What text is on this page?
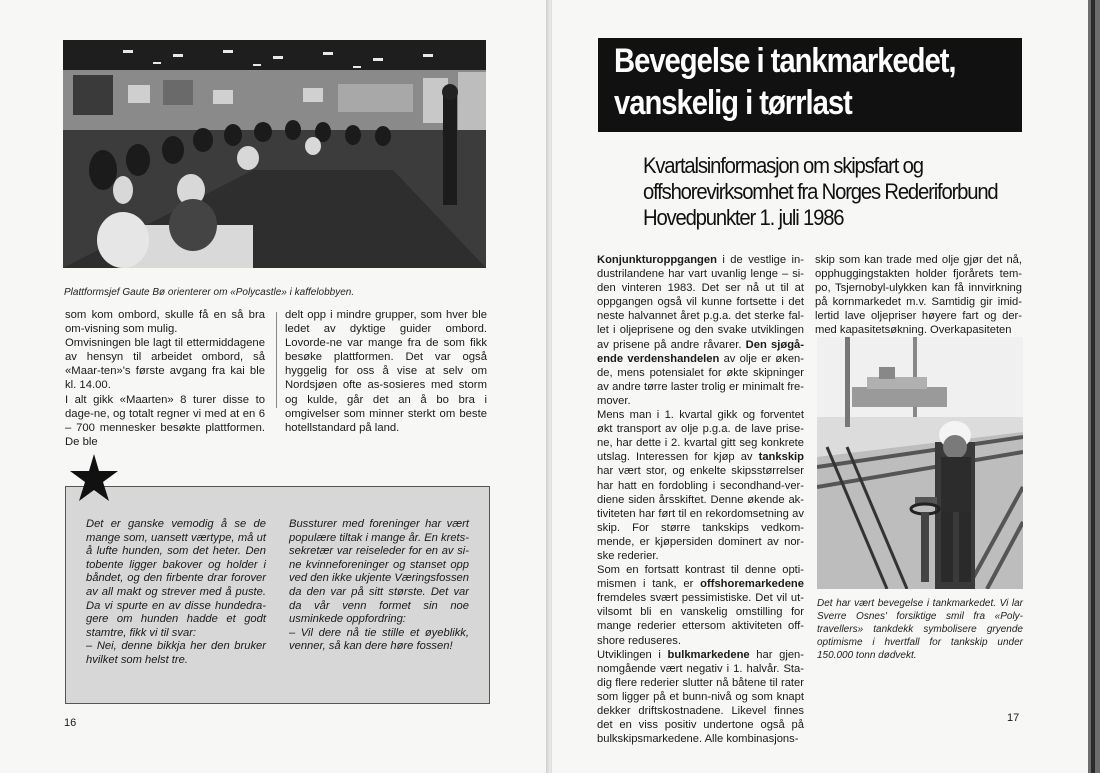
Plattformsjef Gaute Bø orienterer om «Polycastle» i kaffelobbyen.

som kom ombord, skulle få en så bra om-visning som mulig.

Omvisningen ble lagt til ettermiddagene av hensyn til arbeidet ombord, så «Maar-ten»'s første avgang fra kai ble kl. 14.00.

I alt gikk «Maarten» 8 turer disse to dage-ne, og totalt regner vi med at en 6 – 700 mennesker besøkte plattformen. De ble

delt opp i mindre grupper, som hver ble ledet av dyktige guider ombord. Lovorde-ne var mange fra de som fikk besøke plattformen. Det var også hyggelig for oss å vise at selv om Nordsjøen ofte as-sosieres med storm og kulde, går det an å bo bra i omgivelser som minner sterkt om beste hotellstandard på land.

Det er ganske vemodig å se de mange som, uansett værtype, må ut å lufte hunden, som det heter. Den tobente ligger bakover og holder i båndet, og den firbente drar forover av all makt og strever med å puste. Da vi spurte en av disse hundedra-gere om hunden hadde et godt stamtre, fikk vi til svar:
– Nei, denne bikkja her den bruker hvilket som helst tre.
Bussturer med foreninger har vært populære tiltak i mange år. En krets-sekretær var reiseleder for en av si-ne kvinneforeninger og stanset opp ved den ikke ukjente Væringsfossen da den var på sitt største. Det var da vår venn formet sin noe usminkede oppfordring:
– Vil dere nå tie stille et øyeblikk, venner, så kan dere høre fossen!
16
Bevegelse i tankmarkedet,
vanskelig i tørrlast
Kvartalsinformasjon om skipsfart og
offshorevirksomhet fra Norges Rederiforbund
Hovedpunkter 1. juli 1986

Konjunkturoppgangen i de vestlige in-dustrilandene har vart uvanlig lenge – si-den vinteren 1983. Det ser nå ut til at oppgangen også vil kunne fortsette i det neste halvannet året p.g.a. det sterke fal-let i oljeprisene og den svake utviklingen av prisene på andre råvarer. Den sjøgå-ende verdenshandelen av olje er øken-de, mens potensialet for økte skipninger av andre tørre laster trolig er minimalt fre-mover.

Mens man i 1. kvartal gikk og forventet økt transport av olje p.g.a. de lave prise-ne, har dette i 2. kvartal gitt seg konkrete utslag. Interessen for kjøp av tankskip har vært stor, og enkelte skipsstørrelser har hatt en fordobling i secondhand-ver-diene siden årsskiftet. Denne økende ak-tiviteten har ført til en rekordomsetning av skip. For større tankskips vedkom-mende, er kjøpersiden dominert av nor-ske rederier.

Som en fortsatt kontrast til denne opti-mismen i tank, er offshoremarkedene fremdeles svært pessimistiske. Det vil ut-vilsomt bli en vanskelig omstilling for mange rederier ettersom aktiviteten off-shore reduseres.

Utviklingen i bulkmarkedene har gjen-nomgående vært negativ i 1. halvår. Sta-dig flere rederier slutter nå båtene til rater som ligger på et bunn-nivå og som knapt dekker driftskostnadene. Likevel finnes det en viss positiv undertone også på bulkskipsmarkedene. Alle kombinasjons-

skip som kan trade med olje gjør det nå, opphuggingstakten holder fjorårets tem-po, Tsjernobyl-ulykken kan få innvirkning på kornmarkedet m.v. Samtidig gir imid-lertid lave oljepriser høyere fart og der-med kapasitetsøkning. Overkapasiteten

Det har vært bevegelse i tankmarkedet. Vi lar Sverre Osnes' forsiktige smil fra «Poly-travellers» tankdekk symbolisere gryende optimisme i hvertfall for tankskip under 150.000 tonn dødvekt.
17
